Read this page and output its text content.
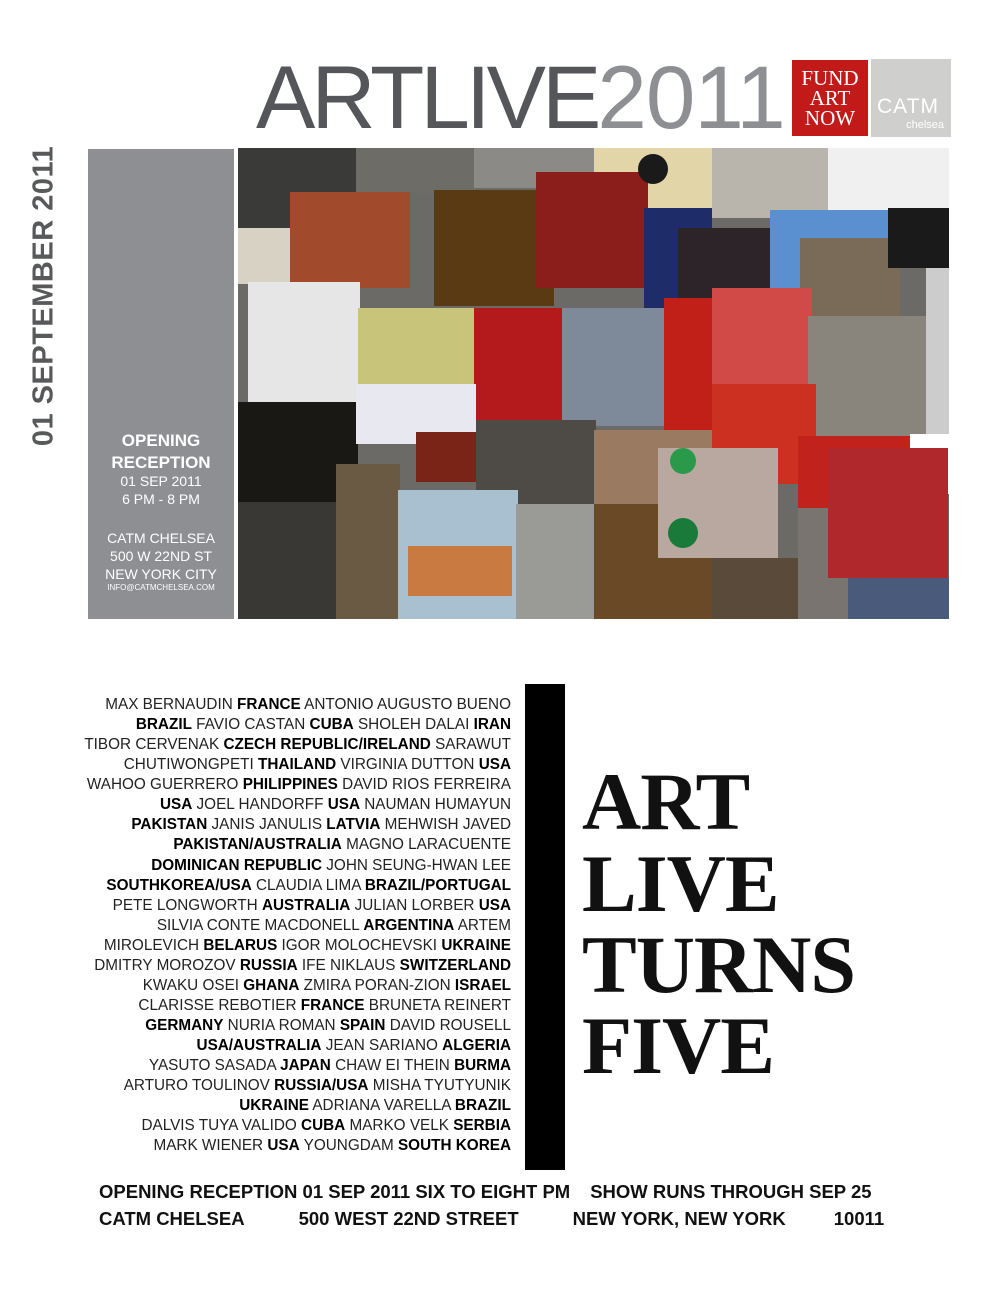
ARTLIVE2011 FUND
ART
NOW	CATM
chelsea
01 SEPTEMBER 2011	OPENING
RECEPTION
01 SEP 2011
6 PM - 8 PM
CATM CHELSEA
500 W 22ND ST
NEW YORK CITY
INFO@CATMCHELSEA.COM
MAX BERNAUDIN FRANCE ANTONIO AUGUSTO BUENO
BRAZIL FAVIO CASTAN CUBA SHOLEH DALAI IRAN
TIBOR CERVENAK CZECH REPUBLIC/IRELAND SARAWUT
CHUTIWONGPETI THAILAND VIRGINIA DUTTON USA
WAHOO GUERRERO PHILIPPINES DAVID RIOS FERREIRA
USA JOEL HANDORFF USA NAUMAN HUMAYUN
PAKISTAN JANIS JANULIS LATVIA MEHWISH JAVED
PAKISTAN/AUSTRALIA MAGNO LARACUENTE
DOMINICAN REPUBLIC JOHN SEUNG-HWAN LEE
SOUTHKOREA/USA CLAUDIA LIMA BRAZIL/PORTUGAL
PETE LONGWORTH AUSTRALIA JULIAN LORBER USA
SILVIA CONTE MACDONELL ARGENTINA ARTEM
MIROLEVICH BELARUS IGOR MOLOCHEVSKI UKRAINE
DMITRY MOROZOV RUSSIA IFE NIKLAUS SWITZERLAND
KWAKU OSEI GHANA ZMIRA PORAN-ZION ISRAEL
CLARISSE REBOTIER FRANCE BRUNETA REINERT
GERMANY NURIA ROMAN SPAIN DAVID ROUSELL
USA/AUSTRALIA JEAN SARIANO ALGERIA
YASUTO SASADA JAPAN CHAW EI THEIN BURMA
ARTURO TOULINOV RUSSIA/USA MISHA TYUTYUNIK
UKRAINE ADRIANA VARELLA BRAZIL
DALVIS TUYA VALIDO CUBA MARKO VELK SERBIA
MARK WIENER USA YOUNGDAM SOUTH KOREA
ART
LIVE
TURNS
FIVE
OPENING RECEPTION 01 SEP 2011 SIX TO EIGHT PM SHOW RUNS THROUGH SEP 25
CATM CHELSEA	500 WEST 22ND STREET	NEW YORK, NEW YORK	10011
